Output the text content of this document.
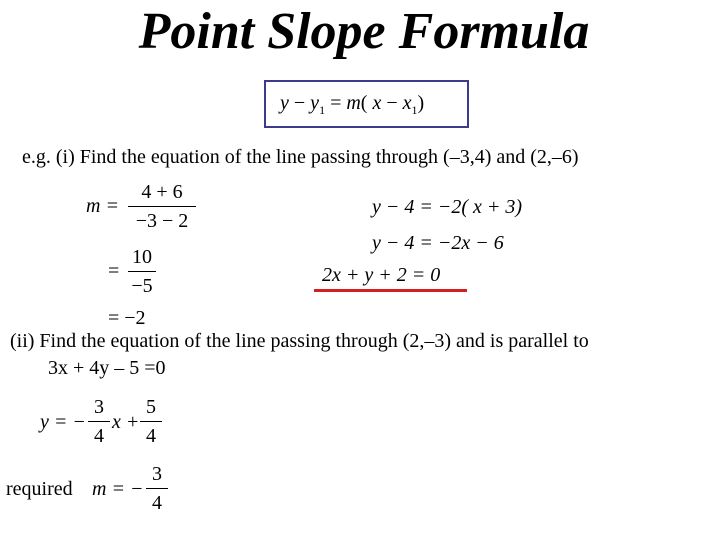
Point Slope Formula
$y - y_1 = m$( $x - x_1$)
e.g. (i) Find the equation of the line passing through (–3,4) and (2,–6)
m =
4 + 6
−3 − 2
=
10
−5
= −2
y − 4 = −2( x + 3)
y − 4 = −2x − 6
2x + y + 2 = 0
(ii) Find the equation of the line passing through (2,–3) and is parallel to
3x + 4y – 5 =0
y = −
3
4
x +
5
4
required m = −
3
4
